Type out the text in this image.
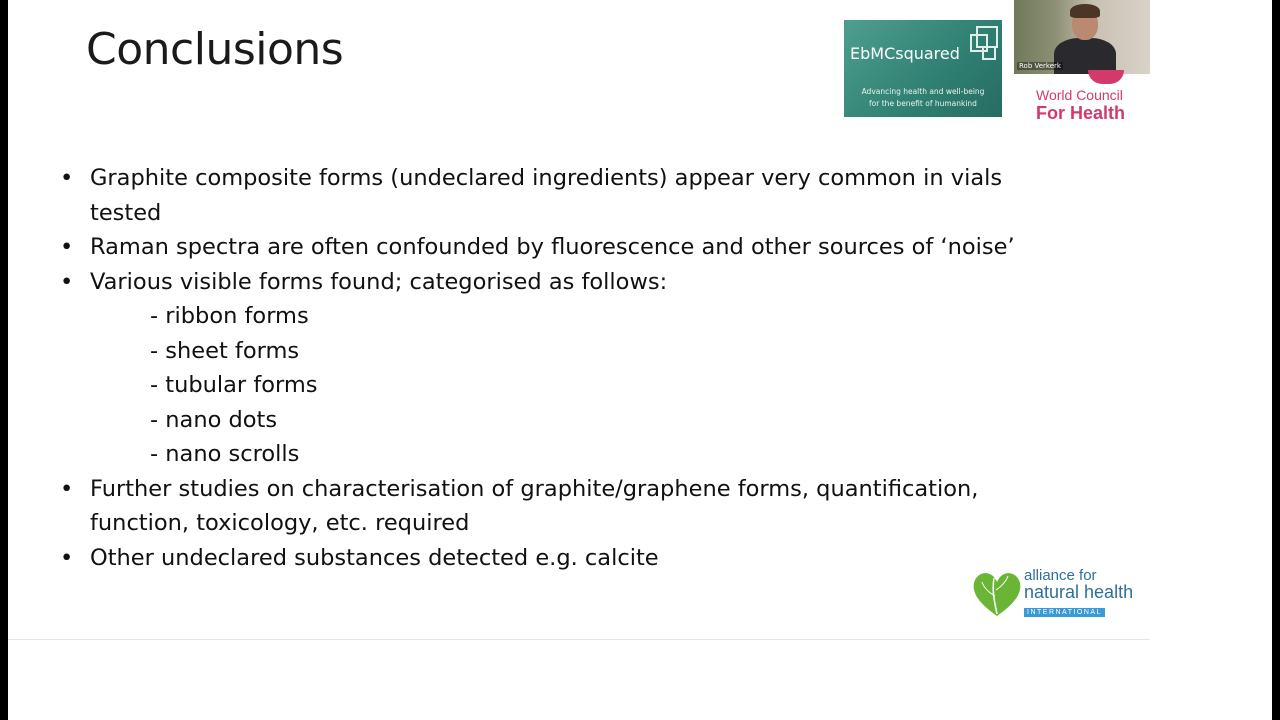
Conclusions	EbMCsquared
Advancing health and well-being
for the benefit of humankind
Rob Verkerk
World Council
For Health
• Graphite composite forms (undeclared ingredients) appear very common in vials
tested
• Raman spectra are often confounded by fluorescence and other sources of ‘noise’
• Various visible forms found; categorised as follows:
- ribbon forms
- sheet forms
- tubular forms
- nano dots
- nano scrolls
• Further studies on characterisation of graphite/graphene forms, quantification,
function, toxicology, etc. required
• Other undeclared substances detected e.g. calcite
alliance for
natural health
INTERNATIONAL
